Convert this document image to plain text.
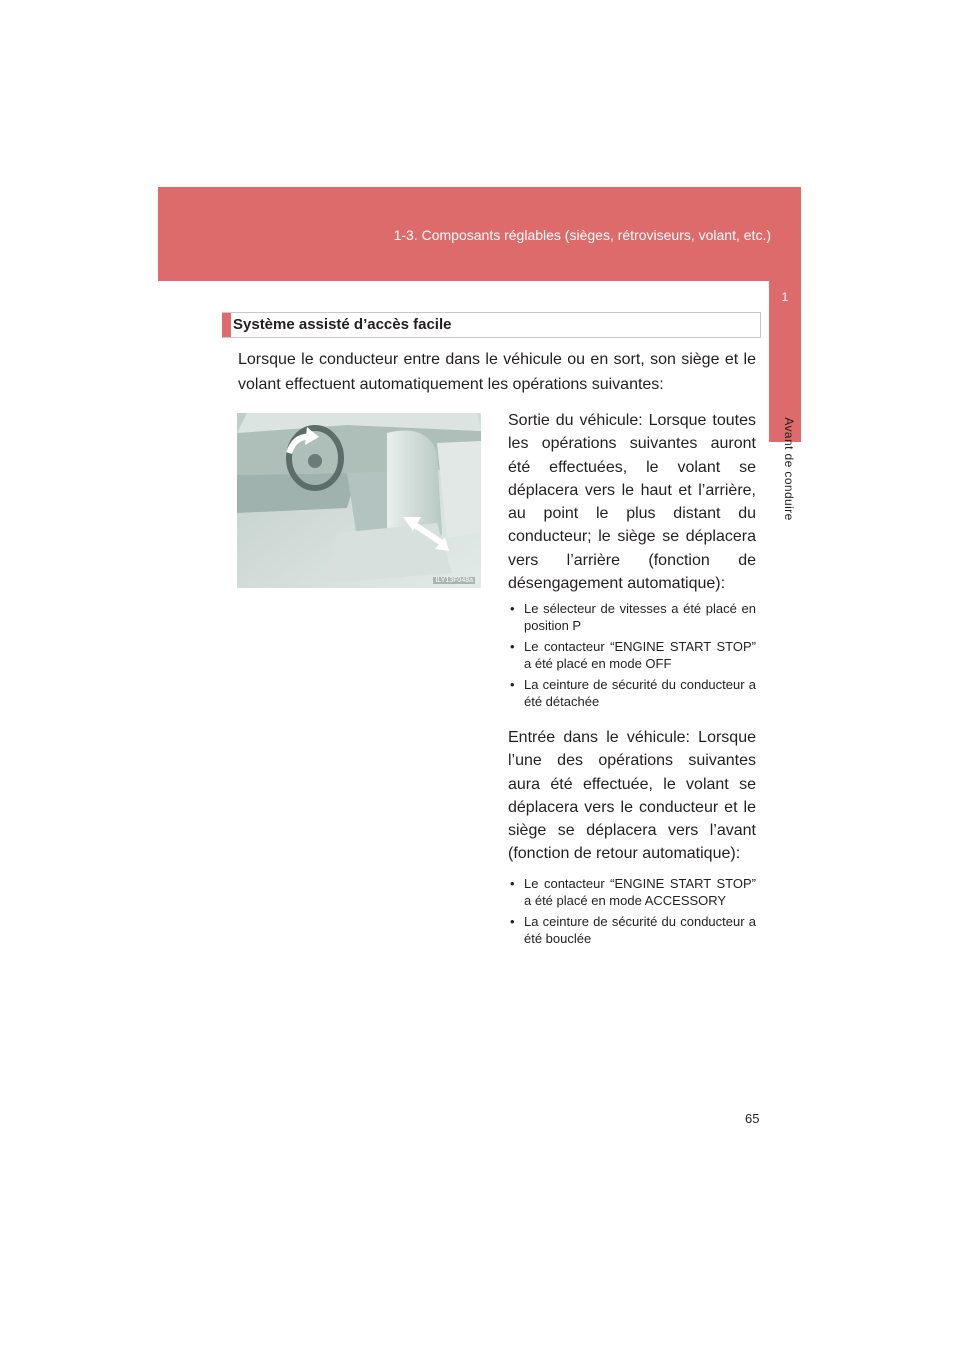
1-3. Composants réglables (sièges, rétroviseurs, volant, etc.)
1
Avant de conduire
Système assisté d’accès facile
Lorsque le conducteur entre dans le véhicule ou en sort, son siège et le volant effectuent automatiquement les opérations suivantes:
ILY13F048a
Sortie du véhicule: Lorsque toutes les opérations suivantes auront été effectuées, le volant se déplacera vers le haut et l’arrière, au point le plus distant du conducteur; le siège se déplacera vers l’arrière (fonction de désengagement automatique):
• Le sélecteur de vitesses a été placé en position P
• Le contacteur “ENGINE START STOP” a été placé en mode OFF
• La ceinture de sécurité du conducteur a été détachée
Entrée dans le véhicule: Lorsque l’une des opérations suivantes aura été effectuée, le volant se déplacera vers le conducteur et le siège se déplacera vers l’avant (fonction de retour automatique):
• Le contacteur “ENGINE START STOP” a été placé en mode ACCESSORY
• La ceinture de sécurité du conducteur a été bouclée
65
